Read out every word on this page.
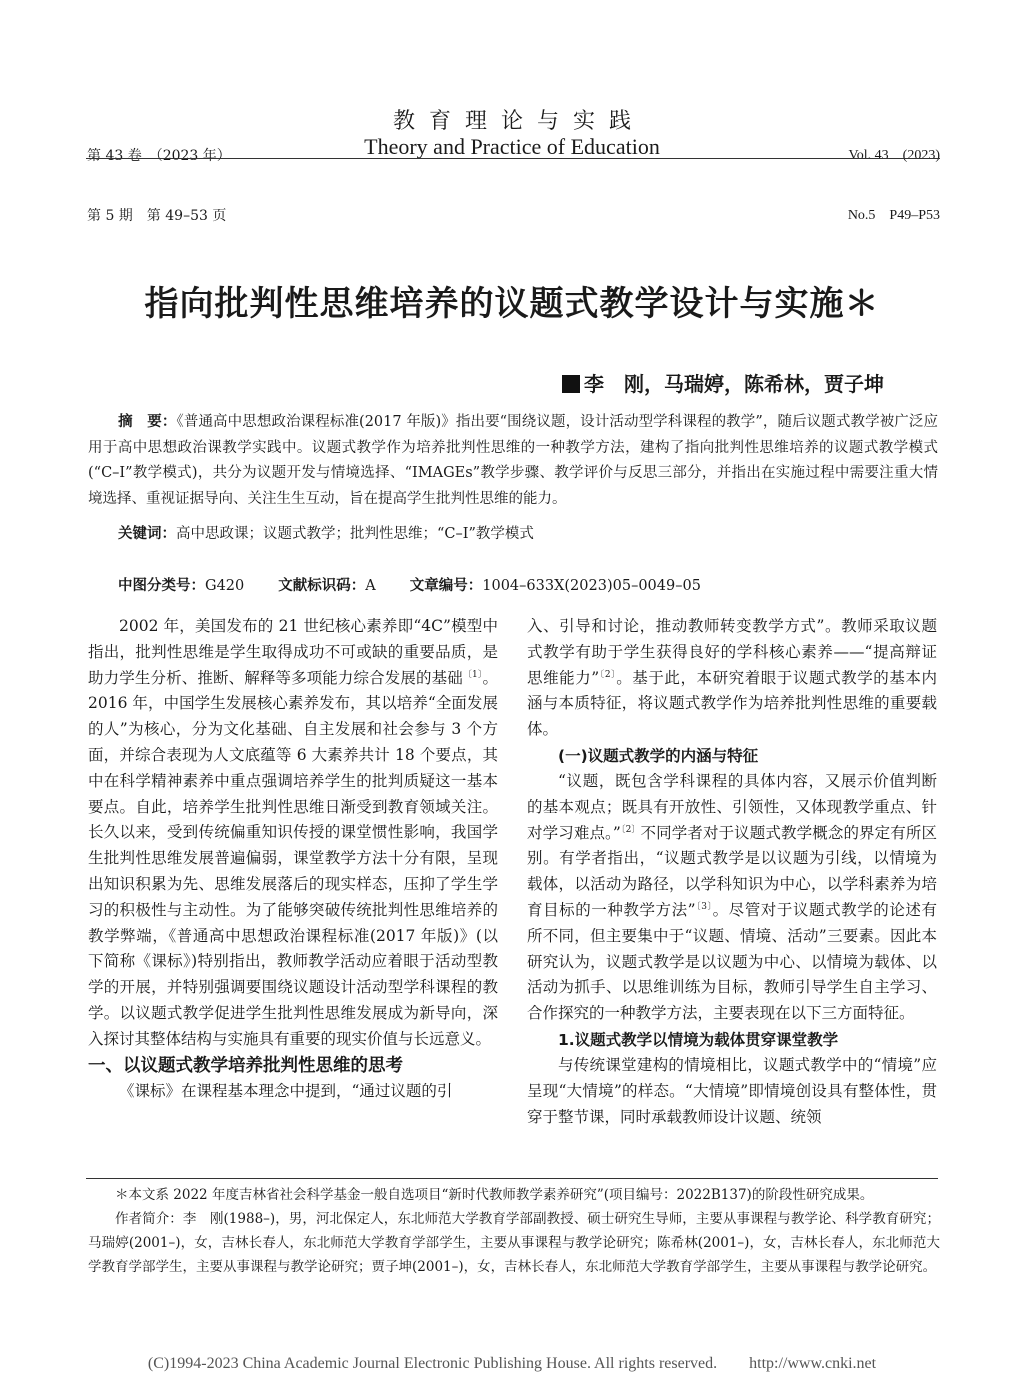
第 43 卷　（2023 年）

第 5 期　第 49–53 页

教育理论与实践
Theory and Practice of Education

	Vol. 43　(2023)

No.5　P49–P53

指向批判性思维培养的议题式教学设计与实施＊
李　刚，马瑞婷，陈希林，贾子坤
摘　要：《普通高中思想政治课程标准(2017 年版)》指出要“围绕议题，设计活动型学科课程的教学”，随后议题式教学被广泛应用于高中思想政治课教学实践中。议题式教学作为培养批判性思维的一种教学方法，建构了指向批判性思维培养的议题式教学模式(“C–I”教学模式)，共分为议题开发与情境选择、“IMAGEs”教学步骤、教学评价与反思三部分，并指出在实施过程中需要注重大情境选择、重视证据导向、关注生生互动，旨在提高学生批判性思维的能力。
关键词：高中思政课；议题式教学；批判性思维；“C–I”教学模式
中图分类号：G420 文献标识码：A 文章编号：1004–633X(2023)05–0049–05

2002 年，美国发布的 21 世纪核心素养即“4C”模型中指出，批判性思维是学生取得成功不可或缺的重要品质，是助力学生分析、推断、解释等多项能力综合发展的基础$^{〔1〕}$。2016 年，中国学生发展核心素养发布，其以培养“全面发展的人”为核心，分为文化基础、自主发展和社会参与 3 个方面，并综合表现为人文底蕴等 6 大素养共计 18 个要点，其中在科学精神素养中重点强调培养学生的批判质疑这一基本要点。自此，培养学生批判性思维日渐受到教育领域关注。长久以来，受到传统偏重知识传授的课堂惯性影响，我国学生批判性思维发展普遍偏弱，课堂教学方法十分有限，呈现出知识积累为先、思维发展落后的现实样态，压抑了学生学习的积极性与主动性。为了能够突破传统批判性思维培养的教学弊端，《普通高中思想政治课程标准(2017 年版)》(以下简称《课标》)特别指出，教师教学活动应着眼于活动型教学的开展，并特别强调要围绕议题设计活动型学科课程的教学。以议题式教学促进学生批判性思维发展成为新导向，深入探讨其整体结构与实施具有重要的现实价值与长远意义。

一、以议题式教学培养批判性思维的思考

《课标》在课程基本理念中提到，“通过议题的引

入、引导和讨论，推动教师转变教学方式”。教师采取议题式教学有助于学生获得良好的学科核心素养——“提高辩证思维能力”$^{〔2〕}$。基于此，本研究着眼于议题式教学的基本内涵与本质特征，将议题式教学作为培养批判性思维的重要载体。

(一)议题式教学的内涵与特征

“议题，既包含学科课程的具体内容，又展示价值判断的基本观点；既具有开放性、引领性，又体现教学重点、针对学习难点。”$^{〔2〕}$不同学者对于议题式教学概念的界定有所区别。有学者指出，“议题式教学是以议题为引线，以情境为载体，以活动为路径，以学科知识为中心，以学科素养为培育目标的一种教学方法”$^{〔3〕}$。尽管对于议题式教学的论述有所不同，但主要集中于“议题、情境、活动”三要素。因此本研究认为，议题式教学是以议题为中心、以情境为载体、以活动为抓手、以思维训练为目标，教师引导学生自主学习、合作探究的一种教学方法，主要表现在以下三方面特征。

1.议题式教学以情境为载体贯穿课堂教学

与传统课堂建构的情境相比，议题式教学中的“情境”应呈现“大情境”的样态。“大情境”即情境创设具有整体性，贯穿于整节课，同时承载教师设计议题、统领

＊本文系 2022 年度吉林省社会科学基金一般自选项目“新时代教师教学素养研究”(项目编号：2022B137)的阶段性研究成果。

作者简介：李　刚(1988–)，男，河北保定人，东北师范大学教育学部副教授、硕士研究生导师，主要从事课程与教学论、科学教育研究；马瑞婷(2001–)，女，吉林长春人，东北师范大学教育学部学生，主要从事课程与教学论研究；陈希林(2001–)，女，吉林长春人，东北师范大学教育学部学生，主要从事课程与教学论研究；贾子坤(2001–)，女，吉林长春人，东北师范大学教育学部学生，主要从事课程与教学论研究。

(C)1994-2023 China Academic Journal Electronic Publishing House. All rights reserved.　　http://www.cnki.net
